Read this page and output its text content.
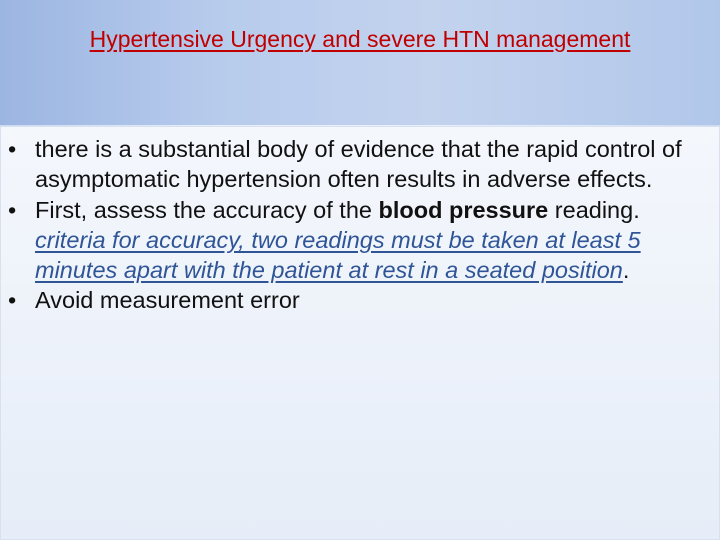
Hypertensive Urgency and severe HTN management
• there is a substantial body of evidence that the rapid control of asymptomatic hypertension often results in adverse effects.
• First, assess the accuracy of the blood pressure reading.
criteria for accuracy, two readings must be taken at least 5 minutes apart with the patient at rest in a seated position.
• Avoid measurement error
